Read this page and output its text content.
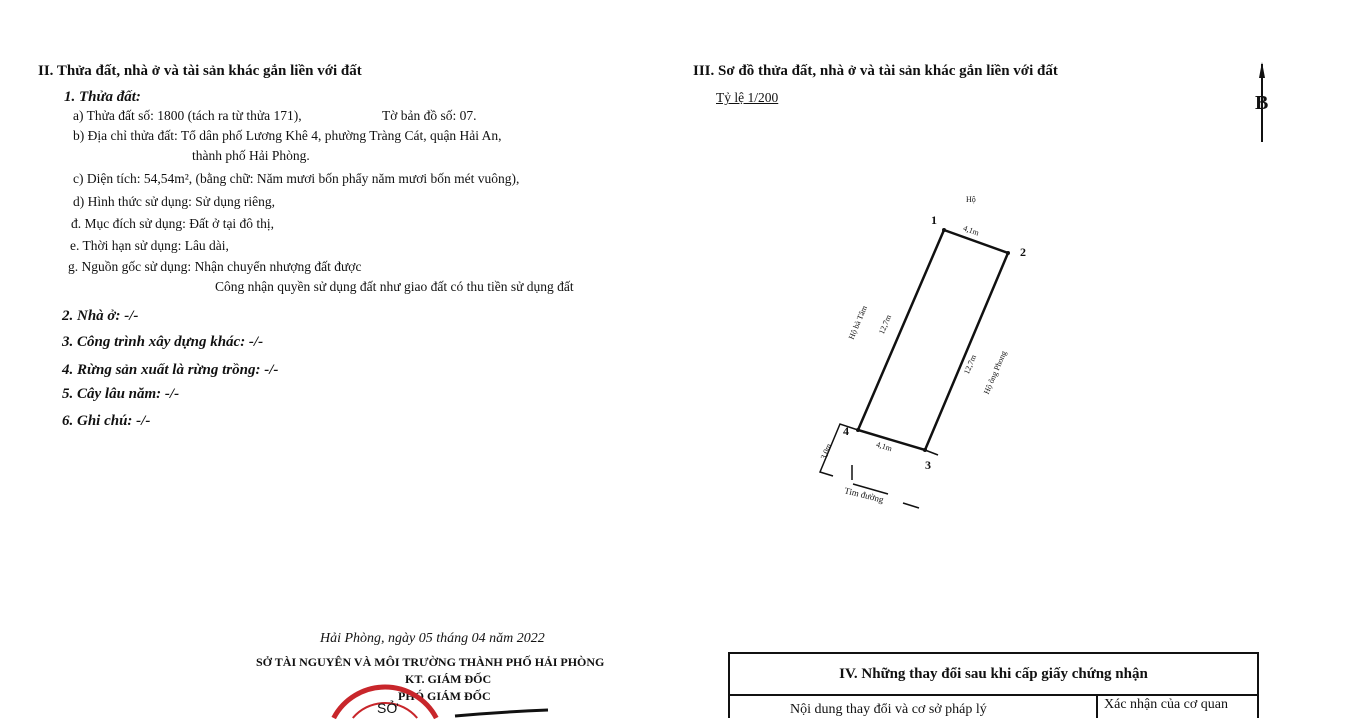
II. Thửa đất, nhà ở và tài sản khác gắn liền với đất
1. Thửa đất:
a) Thửa đất số: 1800 (tách ra từ thửa 171),	Tờ bản đồ số: 07.
b) Địa chỉ thửa đất: Tổ dân phố Lương Khê 4, phường Tràng Cát, quận Hải An,
thành phố Hải Phòng.
c) Diện tích: 54,54m², (bằng chữ: Năm mươi bốn phẩy năm mươi bốn mét vuông),
d) Hình thức sử dụng: Sử dụng riêng,
đ. Mục đích sử dụng: Đất ở tại đô thị,
e. Thời hạn sử dụng: Lâu dài,
g. Nguồn gốc sử dụng: Nhận chuyển nhượng đất được
Công nhận quyền sử dụng đất như giao đất có thu tiền sử dụng đất
2. Nhà ở: -/-
3. Công trình xây dựng khác: -/-
4. Rừng sản xuất là rừng trồng: -/-
5. Cây lâu năm: -/-
6. Ghi chú: -/-
III. Sơ đồ thửa đất, nhà ở và tài sản khác gắn liền với đất
Tỷ lệ 1/200	B
1
2
3
4
4,1m
12,7m
12,7m
4,1m
3,0m
Hộ
Hộ bà Tâm
Hộ ông Phong
Tim đường
Hải Phòng, ngày 05 tháng 04 năm 2022
SỞ TÀI NGUYÊN VÀ MÔI TRƯỜNG THÀNH PHỐ HẢI PHÒNG
KT. GIÁM ĐỐC
PHÓ GIÁM ĐỐC
SỞ
IV. Những thay đổi sau khi cấp giấy chứng nhận
Nội dung thay đổi và cơ sở pháp lý	Xác nhận của cơ quan
